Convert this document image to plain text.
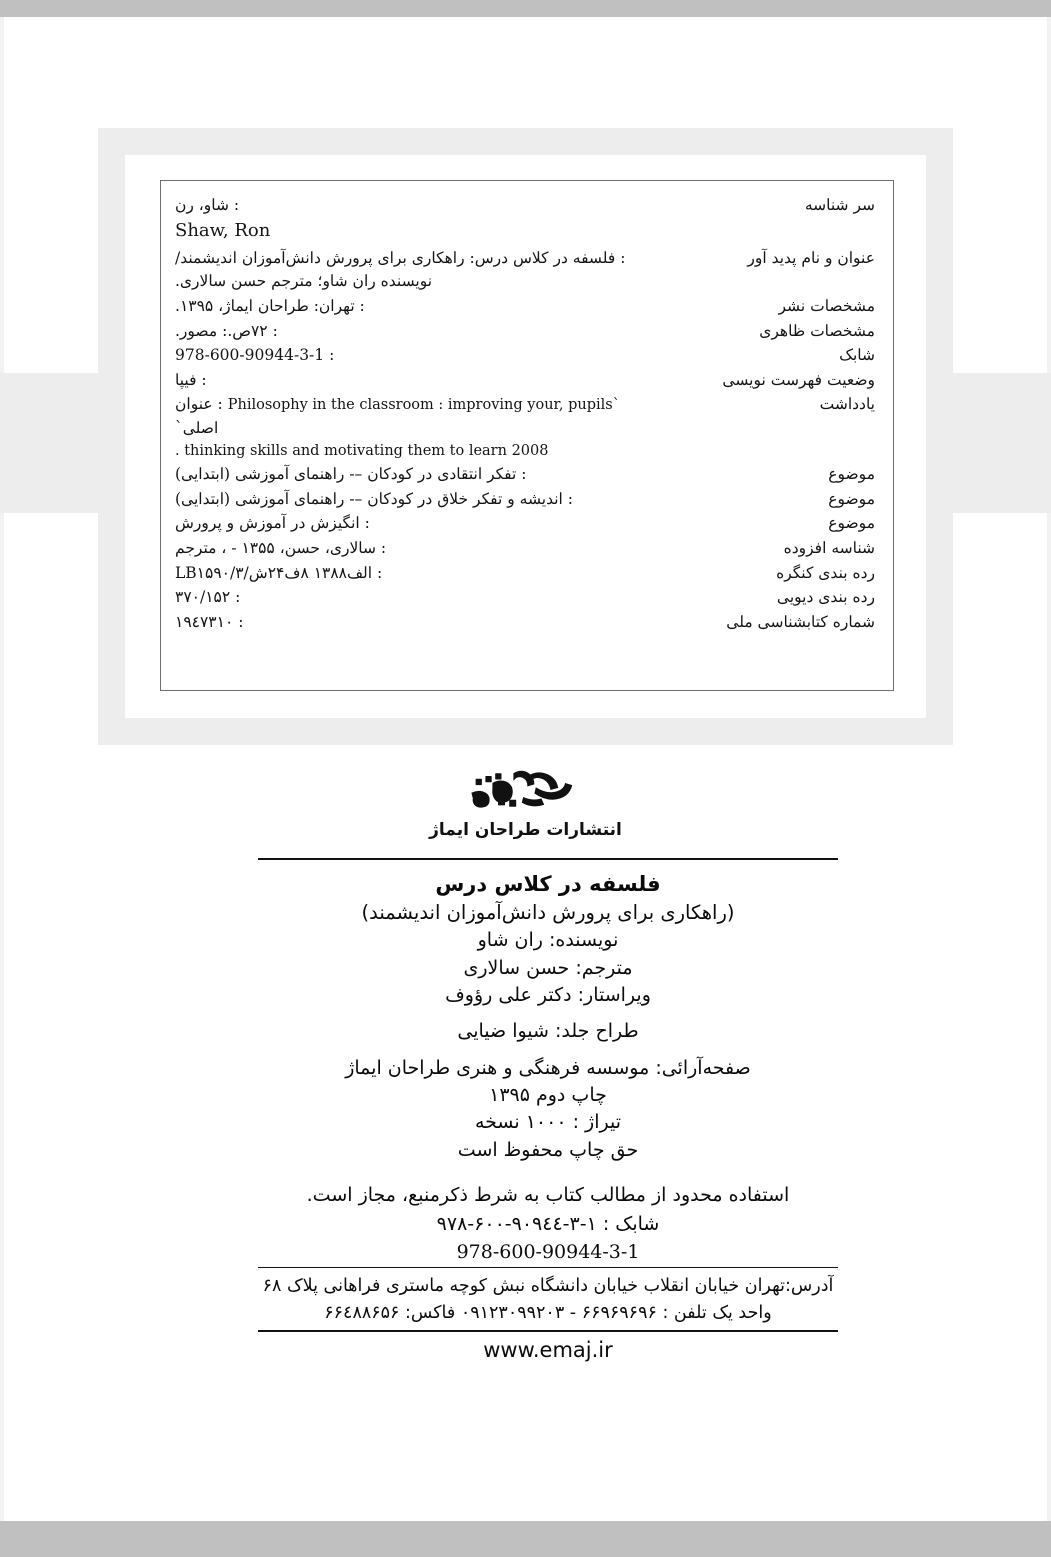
سر شناسه	: شاو، رن
Shaw, Ron

عنوان و نام پدید آور	: فلسفه در کلاس درس: راهکاری برای پرورش دانش‌آموزان اندیشمند/
نویسنده ران شاو؛ مترجم حسن سالاری.

مشخصات نشر	: تهران: طراحان ایماژ، ۱۳۹۵.
مشخصات ظاهری	: ۷۲ص.: مصور.
شابک	: 978-600-90944-3-1
وضعیت فهرست نویسی	: فیپا
یادداشت	Philosophy in the classroom : improving your, pupils` : عنوان اصلی`
. thinking skills and motivating them to learn 2008

موضوع	: تفکر انتقادی در کودکان –- راهنمای آموزشی (ابتدایی)
موضوع	: اندیشه و تفکر خلاق در کودکان –- راهنمای آموزشی (ابتدایی)
موضوع	: انگیزش در آموزش و پرورش
شناسه افزوده	: سالاری، حسن، ۱۳۵۵ - ، مترجم
رده بندی کنگره	: الف۱۳۸۸ ۸ف۲۴ش/LB۱۵۹۰/۳
رده بندی دیویی	: ۳۷۰/۱۵۲
شماره کتابشناسی ملی	: ۱۹٤۷۳۱۰
انتشارات طراحان ایماژ
فلسفه در کلاس درس
(راهکاری برای پرورش دانش‌آموزان اندیشمند)
نویسنده: ران شاو
مترجم: حسن سالاری
ویراستار: دکتر علی رؤوف
طراح جلد: شیوا ضیایی
صفحه‌آرائی: موسسه فرهنگی و هنری طراحان ایماژ
چاپ دوم ۱۳۹۵
تیراژ : ۱۰۰۰ نسخه
حق چاپ محفوظ است
استفاده محدود از مطالب کتاب به شرط ذکرمنبع، مجاز است.
شابک : ۱-۳-۹۰۹٤٤-۶۰۰-۹۷۸
978-600-90944-3-1
آدرس:تهران خیابان انقلاب خیابان دانشگاه نبش کوچه ماستری فراهانی پلاک ۶۸
واحد یک تلفن : ۶۶۹۶۹۶۹۶ - ۰۹۱۲۳۰۹۹۲۰۳ فاکس: ۶۶٤۸۸۶۵۶
www.emaj.ir
